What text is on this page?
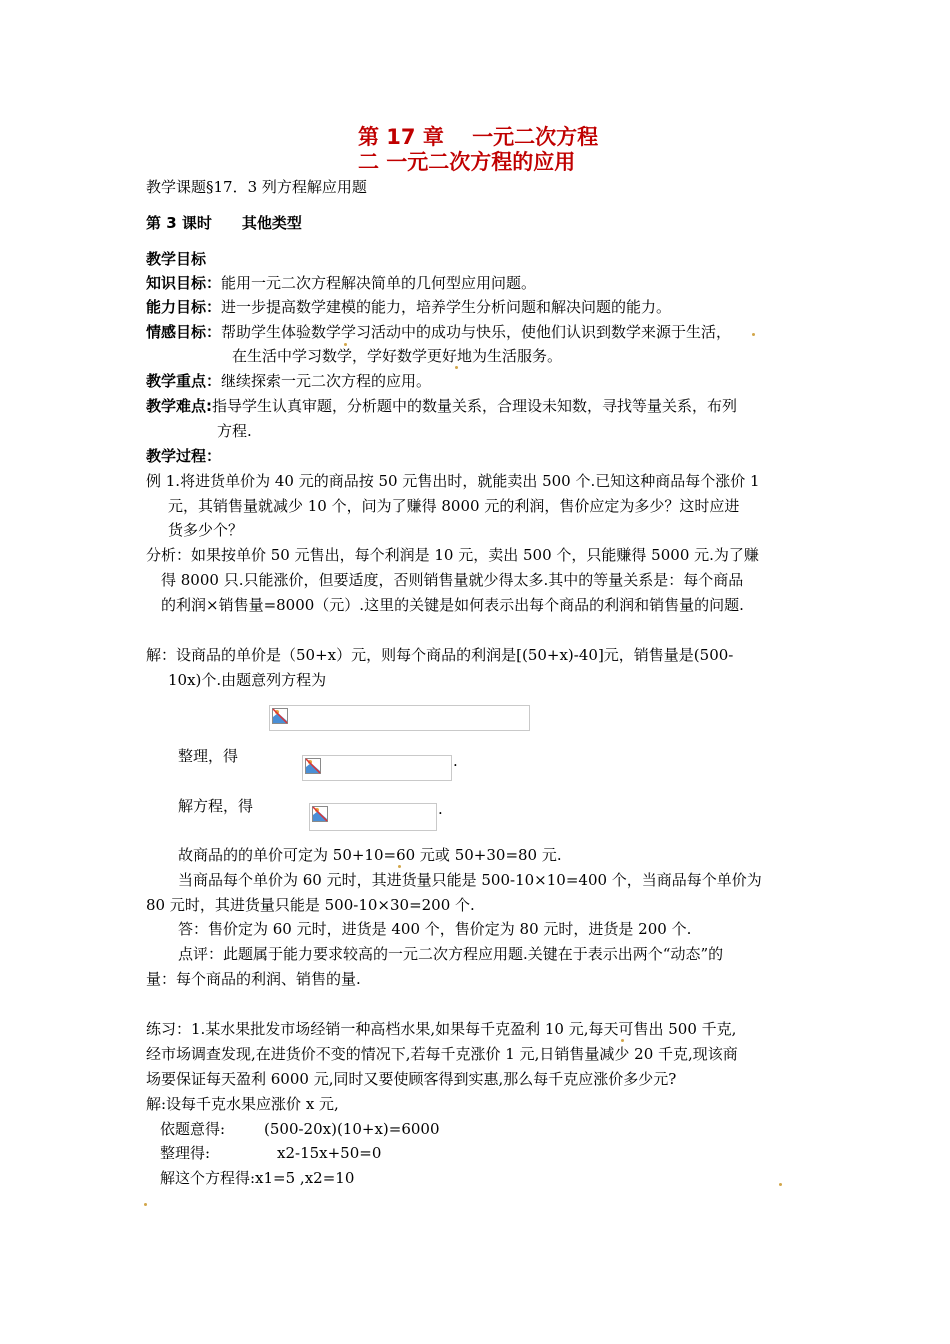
第 17 章　 一元二次方程
二 一元二次方程的应用
教学课题§17．3 列方程解应用题
第 3 课时　　其他类型
教学目标
知识目标：能用一元二次方程解决简单的几何型应用问题。
能力目标：进一步提高数学建模的能力，培养学生分析问题和解决问题的能力。
情感目标：帮助学生体验数学学习活动中的成功与快乐，使他们认识到数学来源于生活，
在生活中学习数学，学好数学更好地为生活服务。
教学重点：继续探索一元二次方程的应用。
教学难点:指导学生认真审题，分析题中的数量关系，合理设未知数，寻找等量关系，布列
方程.
教学过程：
例 1.将进货单价为 40 元的商品按 50 元售出时，就能卖出 500 个.已知这种商品每个涨价 1
元，其销售量就减少 10 个，问为了赚得 8000 元的利润，售价应定为多少？这时应进
货多少个？
分析：如果按单价 50 元售出，每个利润是 10 元，卖出 500 个，只能赚得 5000 元.为了赚
得 8000 只.只能涨价，但要适度，否则销售量就少得太多.其中的等量关系是：每个商品
的利润×销售量=8000（元）.这里的关键是如何表示出每个商品的利润和销售量的问题.
解：设商品的单价是（50+x）元，则每个商品的利润是[(50+x)-40]元，销售量是(500-
10x)个.由题意列方程为
整理，得	.
解方程，得	.
故商品的的单价可定为 50+10=60 元或 50+30=80 元.
当商品每个单价为 60 元时，其进货量只能是 500-10×10=400 个，当商品每个单价为
80 元时，其进货量只能是 500-10×30=200 个.
答：售价定为 60 元时，进货是 400 个，售价定为 80 元时，进货是 200 个.
点评：此题属于能力要求较高的一元二次方程应用题.关键在于表示出两个“动态”的
量：每个商品的利润、销售的量.
练习：1.某水果批发市场经销一种高档水果,如果每千克盈利 10 元,每天可售出 500 千克,
经市场调查发现,在进货价不变的情况下,若每千克涨价 1 元,日销售量减少 20 千克,现该商
场要保证每天盈利 6000 元,同时又要使顾客得到实惠,那么每千克应涨价多少元?
解:设每千克水果应涨价 x 元,
依题意得:	(500-20x)(10+x)=6000
整理得:	x2-15x+50=0
解这个方程得:x1=5 ,x2=10
